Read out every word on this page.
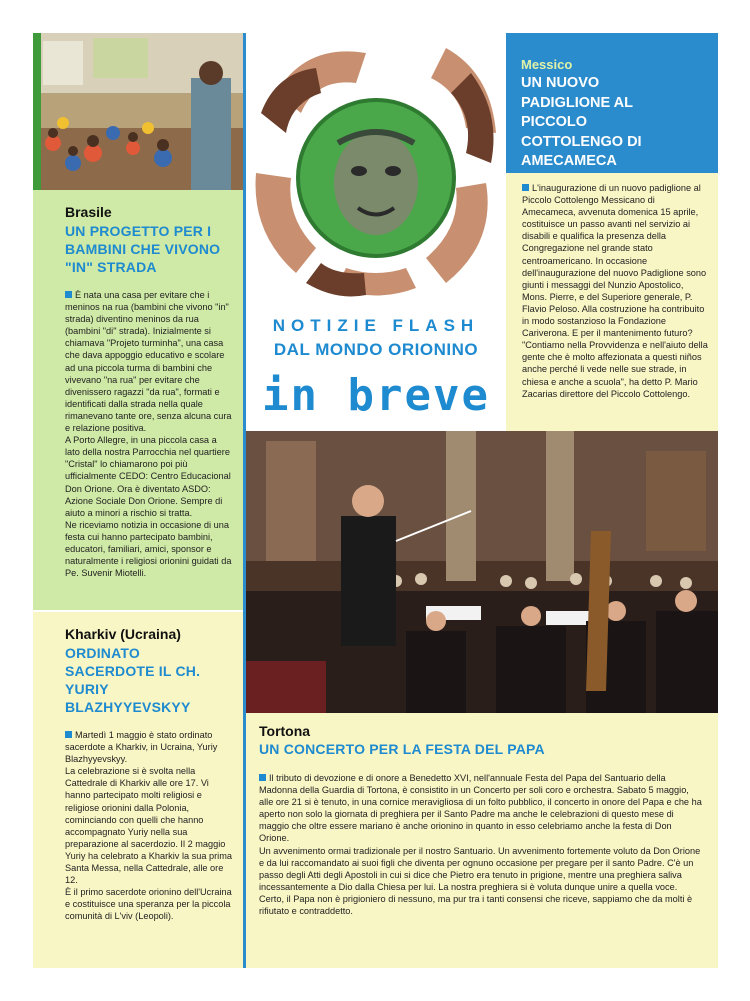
NOTIZIE FLASH
DAL MONDO ORIONINO
in breve
Messico
UN NUOVO PADIGLIONE AL PICCOLO COTTOLENGO DI AMECAMECA

L'inaugurazione di un nuovo padiglione al Piccolo Cottolengo Messicano di Amecameca, avvenuta domenica 15 aprile, costituisce un passo avanti nel servizio ai disabili e qualifica la presenza della Congregazione nel grande stato centroamericano. In occasione dell'inaugurazione del nuovo Padiglione sono giunti i messaggi del Nunzio Apostolico, Mons. Pierre, e del Superiore generale, P. Flavio Peloso. Alla costruzione ha contribuito in modo sostanzioso la Fondazione Cariverona. E per il mantenimento futuro? "Contiamo nella Provvidenza e nell'aiuto della gente che è molto affezionata a questi niños anche perché li vede nelle sue strade, in chiesa e anche a scuola", ha detto P. Mario Zacarias direttore del Piccolo Cottolengo.

Brasile
UN PROGETTO PER I BAMBINI CHE VIVONO "IN" STRADA

È nata una casa per evitare che i meninos na rua (bambini che vivono "in" strada) diventino meninos da rua (bambini "di" strada). Inizialmente si chiamava "Projeto turminha", una casa che dava appoggio educativo e scolare ad una piccola turma di bambini che vivevano "na rua" per evitare che divenissero ragazzi "da rua", formati e identificati dalla strada nella quale rimanevano tante ore, senza alcuna cura e relazione positiva.

A Porto Allegre, in una piccola casa a lato della nostra Parrocchia nel quartiere "Cristal" lo chiamarono poi più ufficialmente CEDO: Centro Educacional Don Orione. Ora è diventato ASDO: Azione Sociale Don Orione. Sempre di aiuto a minori a rischio si tratta.

Ne riceviamo notizia in occasione di una festa cui hanno partecipato bambini, educatori, familiari, amici, sponsor e naturalmente i religiosi orionini guidati da Pe. Suvenir Miotelli.

Kharkiv (Ucraina)
ORDINATO SACERDOTE IL CH. YURIY BLAZHYYEVSKYY

Martedì 1 maggio è stato ordinato sacerdote a Kharkiv, in Ucraina, Yuriy Blazhyyevskyy.

La celebrazione si è svolta nella Cattedrale di Kharkiv alle ore 17. Vi hanno partecipato molti religiosi e religiose orionini dalla Polonia, cominciando con quelli che hanno accompagnato Yuriy nella sua preparazione al sacerdozio. Il 2 maggio Yuriy ha celebrato a Kharkiv la sua prima Santa Messa, nella Cattedrale, alle ore 12.

È il primo sacerdote orionino dell'Ucraina e costituisce una speranza per la piccola comunità di L'viv (Leopoli).

Tortona
UN CONCERTO PER LA FESTA DEL PAPA

Il tributo di devozione e di onore a Benedetto XVI, nell'annuale Festa del Papa del Santuario della Madonna della Guardia di Tortona, è consistito in un Concerto per soli coro e orchestra. Sabato 5 maggio, alle ore 21 si è tenuto, in una cornice meravigliosa di un folto pubblico, il concerto in onore del Papa e che ha aperto non solo la giornata di preghiera per il Santo Padre ma anche le celebrazioni di questo mese di maggio che oltre essere mariano è anche orionino in quanto in esso celebriamo anche la festa di Don Orione.

Un avvenimento ormai tradizionale per il nostro Santuario. Un avvenimento fortemente voluto da Don Orione e da lui raccomandato ai suoi figli che diventa per ognuno occasione per pregare per il santo Padre. C'è un passo degli Atti degli Apostoli in cui si dice che Pietro era tenuto in prigione, mentre una preghiera saliva incessantemente a Dio dalla Chiesa per lui. La nostra preghiera si è voluta dunque unire a quella voce. Certo, il Papa non è prigioniero di nessuno, ma pur tra i tanti consensi che riceve, sappiamo che da molti è rifiutato e contraddetto.
